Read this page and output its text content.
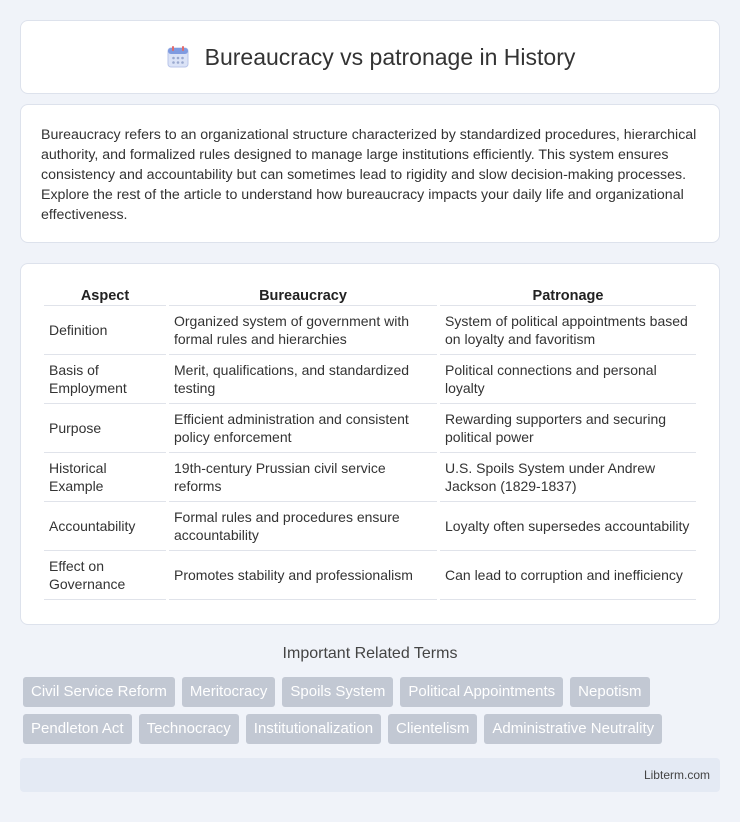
Bureaucracy vs patronage in History

Bureaucracy refers to an organizational structure characterized by standardized procedures, hierarchical authority, and formalized rules designed to manage large institutions efficiently. This system ensures consistency and accountability but can sometimes lead to rigidity and slow decision-making processes. Explore the rest of the article to understand how bureaucracy impacts your daily life and organizational effectiveness.

Aspect	Bureaucracy	Patronage
Definition	Organized system of government with formal rules and hierarchies	System of political appointments based on loyalty and favoritism
Basis of Employment	Merit, qualifications, and standardized testing	Political connections and personal loyalty
Purpose	Efficient administration and consistent policy enforcement	Rewarding supporters and securing political power
Historical Example	19th-century Prussian civil service reforms	U.S. Spoils System under Andrew Jackson (1829-1837)
Accountability	Formal rules and procedures ensure accountability	Loyalty often supersedes accountability
Effect on Governance	Promotes stability and professionalism	Can lead to corruption and inefficiency
Important Related Terms
Civil Service Reform	Meritocracy	Spoils System	Political Appointments	Nepotism
Pendleton Act	Technocracy	Institutionalization	Clientelism	Administrative Neutrality
Libterm.com
